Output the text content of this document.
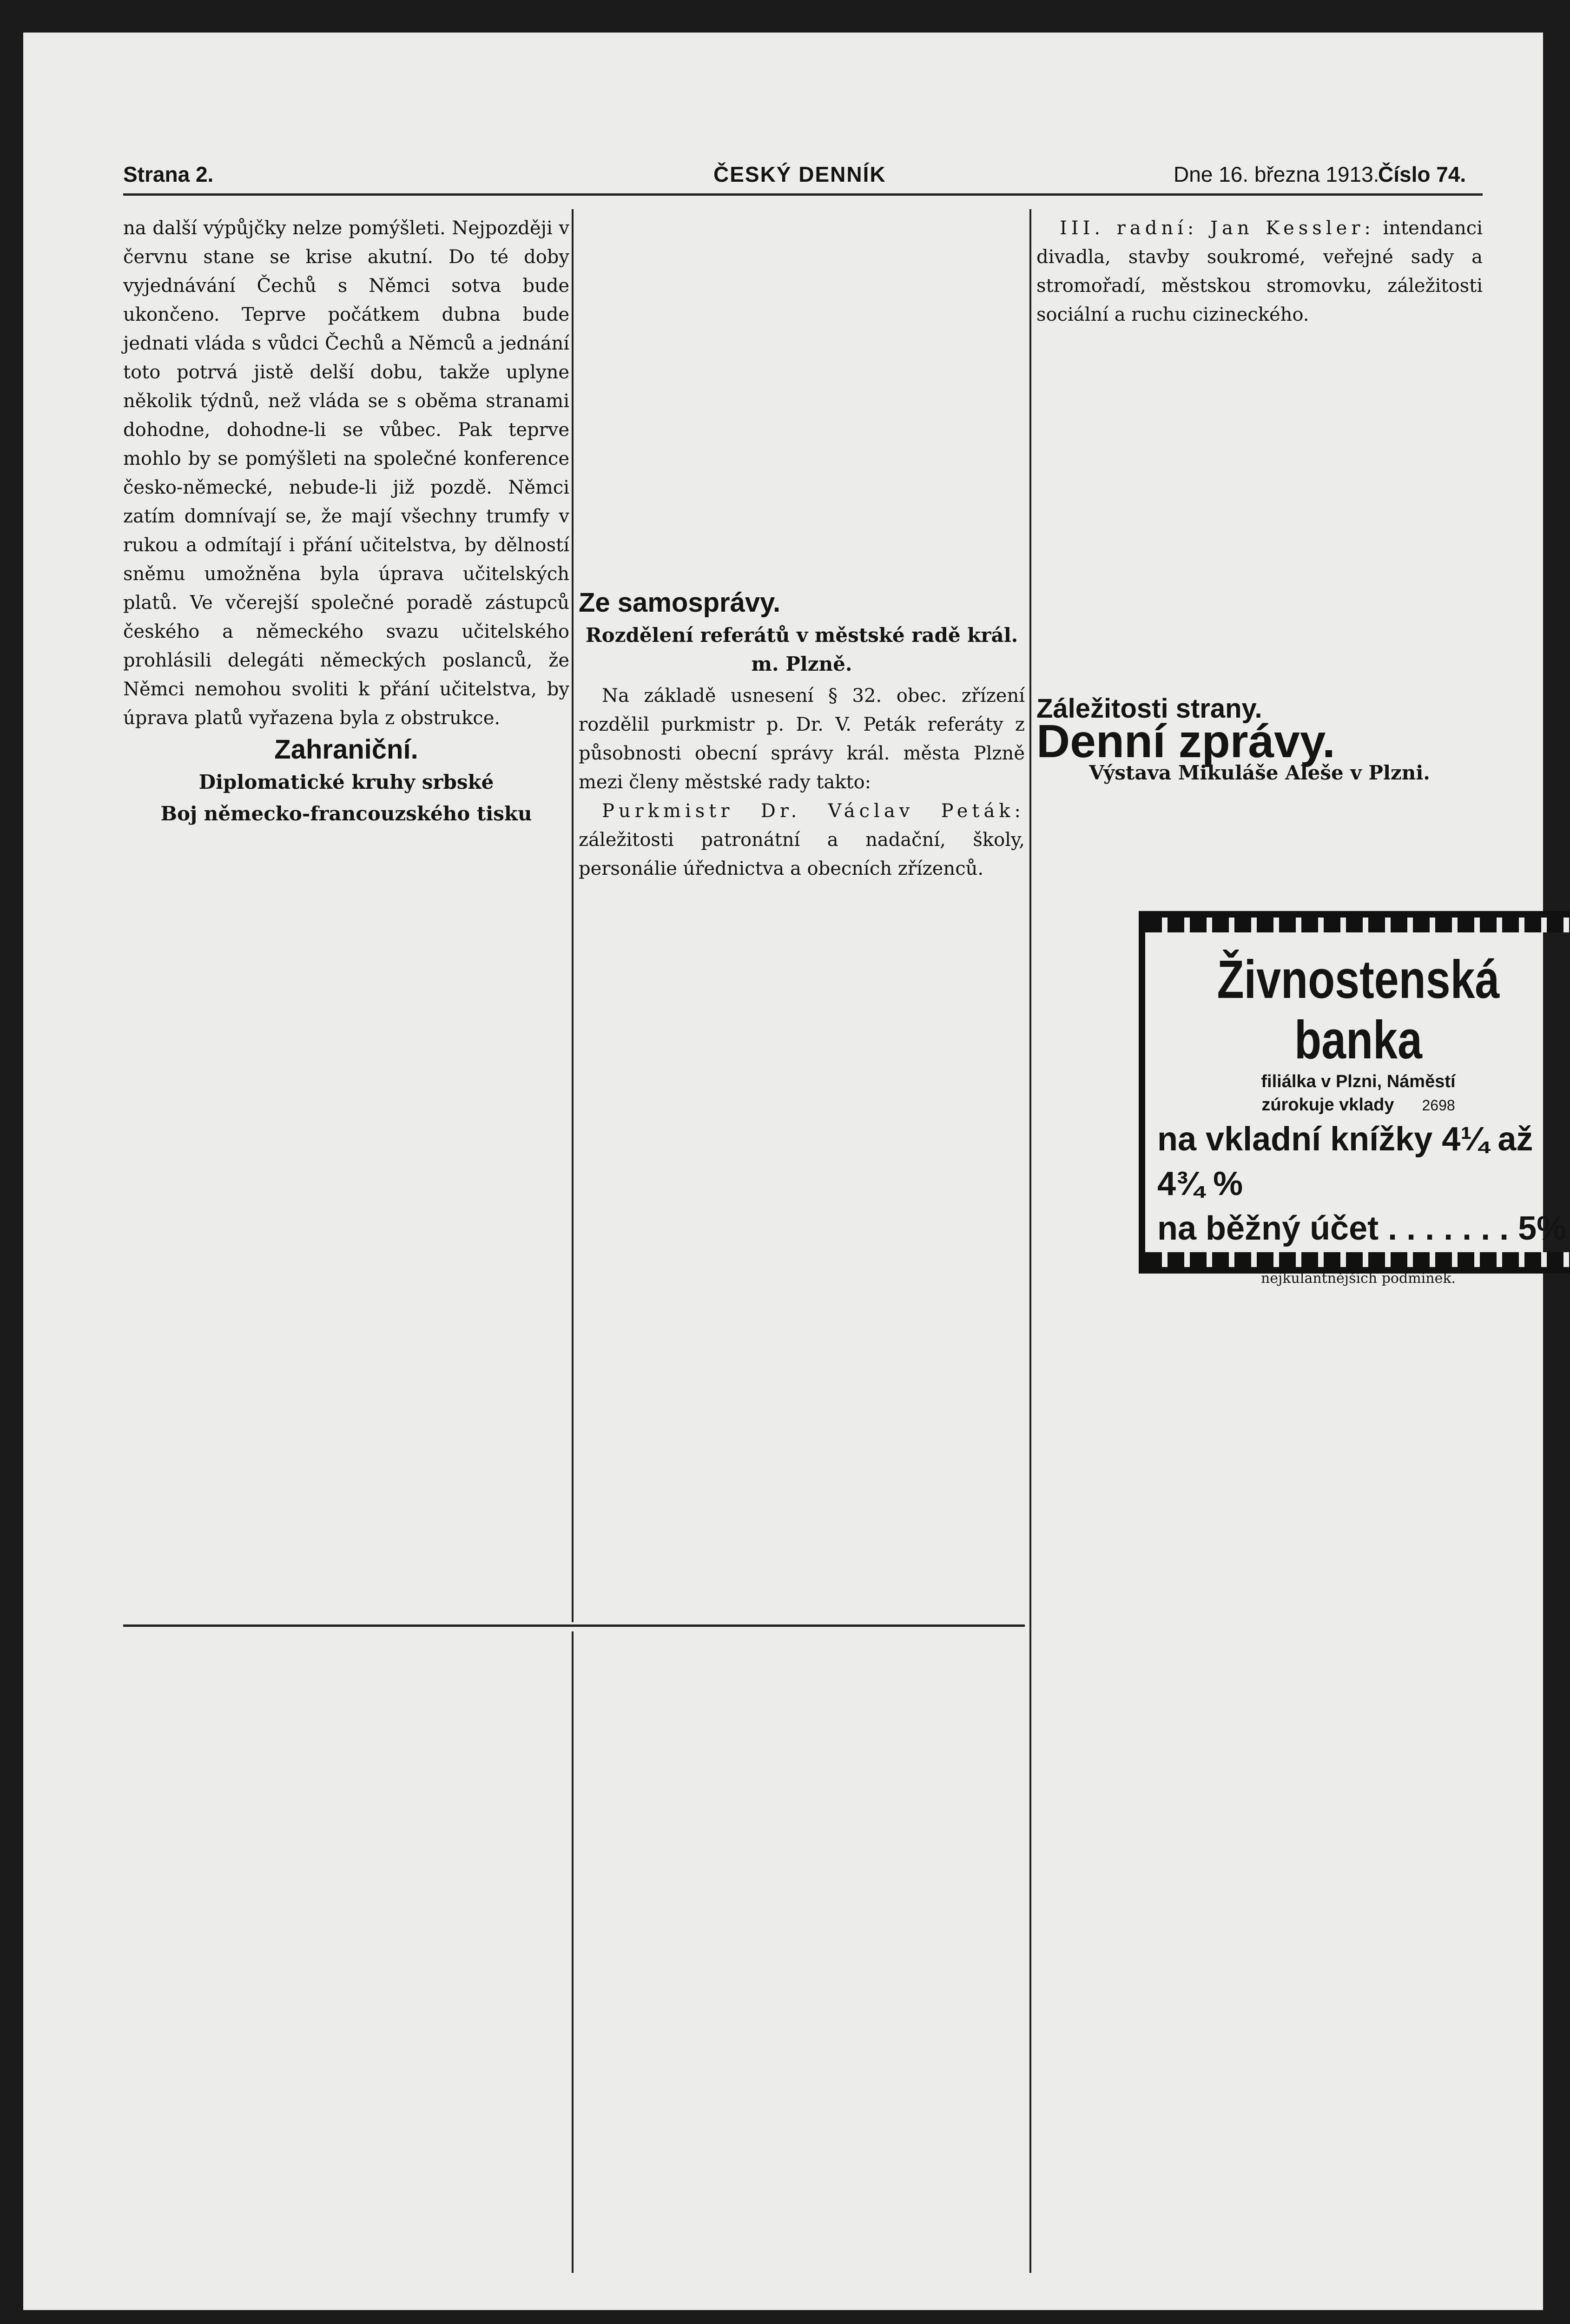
Strana 2.	ČESKÝ DENNÍK	Dne 16. března 1913.
Číslo 74.

na další výpůjčky nelze pomýšleti. Nejpozději v červnu stane se krise akutní. Do té doby vyjednávání Čechů s Němci sotva bude ukončeno. Teprve počátkem dubna bude jednati vláda s vůdci Čechů a Němců a jednání toto potrvá jistě delší dobu, takže uplyne několik týdnů, než vláda se s oběma stranami dohodne, dohodne-li se vůbec. Pak teprve mohlo by se pomýšleti na společné konference česko-německé, nebude-li již pozdě. Němci zatím domnívají se, že mají všechny trumfy v rukou a odmítají i přání učitelstva, by dělností sněmu umožněna byla úprava učitelských platů. Ve včerejší společné poradě zástupců českého a německého svazu učitelského prohlásili delegáti německých poslanců, že Němci nemohou svoliti k přání učitelstva, by úprava platů vyřazena byla z obstrukce.

Zahraniční.
Diplomatické kruhy srbské
Boj německo-francouzského tisku
Živnostenská banka
filiálka v Plzni, Náměstí
zúrokuje vklady 2698
na vkladní knížky 4¼ až 4¾ %
na běžný účet . . . . . . . 5%
nejkulantnějších podmínek.
Ze samosprávy.
Rozdělení referátů v městské radě král. m. Plzně.

Na základě usnesení § 32. obec. zřízení rozdělil purkmistr p. Dr. V. Peták referáty z působnosti obecní správy král. města Plzně mezi členy městské rady takto:

Purkmistr Dr. Václav Peták: záležitosti patronátní a nadační, školy, personálie úřednictva a obecních zřízenců.

III. radní: Jan Kessler: intendanci divadla, stavby soukromé, veřejné sady a stromořadí, městskou stromovku, záležitosti sociální a ruchu cizineckého.

Záležitosti strany.
Denní zprávy.
Výstava Mikuláše Aleše v Plzni.
